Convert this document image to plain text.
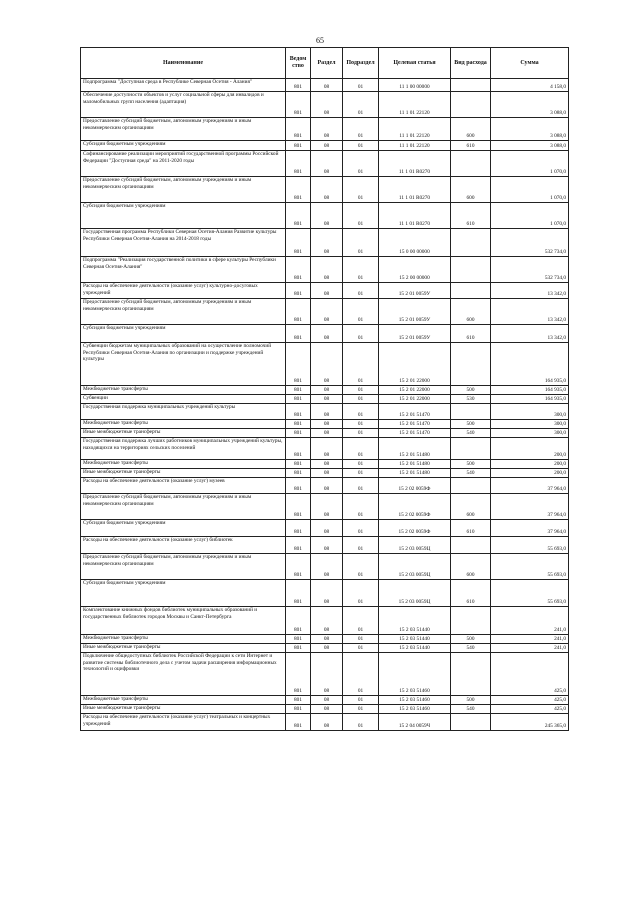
65
Наименование	Ведом ство	Раздел	Подраздел	Целевая статья	Вид расхода	Сумма
Подпрограмма "Доступная среда в Республике Северная Осетия - Алания"	801	08	01	11 1 00 00000		4 158,0
Обеспечение доступности объектов и услуг социальной сферы для инвалидов и маломобильных групп населения (адаптация)	801	08	01	11 1 01 22120		3 088,0
Предоставление субсидий бюджетным, автономным учреждениям и иным некоммерческим организациям	801	08	01	11 1 01 22120	600	3 088,0
Субсидии бюджетным учреждениям	801	08	01	11 1 01 22120	610	3 088,0
Софинансирование реализации мероприятий государственной программы Российской Федерации "Доступная среда" на 2011-2020 годы	801	08	01	11 1 01 R0270		1 070,0
Предоставление субсидий бюджетным, автономным учреждениям и иным некоммерческим организациям	801	08	01	11 1 01 R0270	600	1 070,0
Субсидии бюджетным учреждениям	801	08	01	11 1 01 R0270	610	1 070,0
Государственная программа Республики Северная Осетия-Алания Развитие культуры Республики Северная Осетия-Алания на 2014-2018 годы	801	08	01	15 0 00 00000		532 734,0
Подпрограмма "Реализация государственной политики в сфере культуры Республики Северная Осетия-Алания"	801	08	01	15 2 00 00000		532 734,0
Расходы на обеспечение деятельности (оказание услуг) культурно-досуговых учреждений	801	08	01	15 2 01 0059У		13 342,0
Предоставление субсидий бюджетным, автономным учреждениям и иным некоммерческим организациям	801	08	01	15 2 01 0059У	600	13 342,0
Субсидии бюджетным учреждениям	801	08	01	15 2 01 0059У	610	13 342,0
Субвенции бюджетам муниципальных образований на осуществление полномочий Республики Северная Осетия-Алания по организации и поддержке учреждений культуры	801	08	01	15 2 01 22000		164 935,0
Межбюджетные трансферты	801	08	01	15 2 01 22000	500	164 935,0
Субвенции	801	08	01	15 2 01 22000	530	164 935,0
Государственная поддержка муниципальных учреждений культуры	801	08	01	15 2 01 51470		300,0
Межбюджетные трансферты	801	08	01	15 2 01 51470	500	300,0
Иные межбюджетные трансферты	801	08	01	15 2 01 51470	540	300,0
Государственная поддержка лучших работников муниципальных учреждений культуры, находящихся на территориях сельских поселений	801	08	01	15 2 01 51480		200,0
Межбюджетные трансферты	801	08	01	15 2 01 51480	500	200,0
Иные межбюджетные трансферты	801	08	01	15 2 01 51480	540	200,0
Расходы на обеспечение деятельности (оказание услуг) музеев	801	08	01	15 2 02 0059Ф		37 964,0
Предоставление субсидий бюджетным, автономным учреждениям и иным некоммерческим организациям	801	08	01	15 2 02 0059Ф	600	37 964,0
Субсидии бюджетным учреждениям	801	08	01	15 2 02 0059Ф	610	37 964,0
Расходы на обеспечение деятельности (оказание услуг) библиотек	801	08	01	15 2 03 0059Ц		55 693,0
Предоставление субсидий бюджетным, автономным учреждениям и иным некоммерческим организациям	801	08	01	15 2 03 0059Ц	600	55 693,0
Субсидии бюджетным учреждениям	801	08	01	15 2 03 0059Ц	610	55 693,0
Комплектование книжных фондов библиотек муниципальных образований и государственных библиотек городов Москвы и Санкт-Петербурга	801	08	01	15 2 03 51440		241,0
Межбюджетные трансферты	801	08	01	15 2 03 51440	500	241,0
Иные межбюджетные трансферты	801	08	01	15 2 03 51440	540	241,0
Подключение общедоступных библиотек Российской Федерации к сети Интернет и развитие системы библиотечного дела с учетом задачи расширения информационных технологий и оцифровки	801	08	01	15 2 03 51460		425,0
Межбюджетные трансферты	801	08	01	15 2 03 51460	500	425,0
Иные межбюджетные трансферты	801	08	01	15 2 03 51460	540	425,0
Расходы на обеспечение деятельности (оказание услуг) театральных и концертных учреждений	801	08	01	15 2 04 0059Ч		245 365,0
